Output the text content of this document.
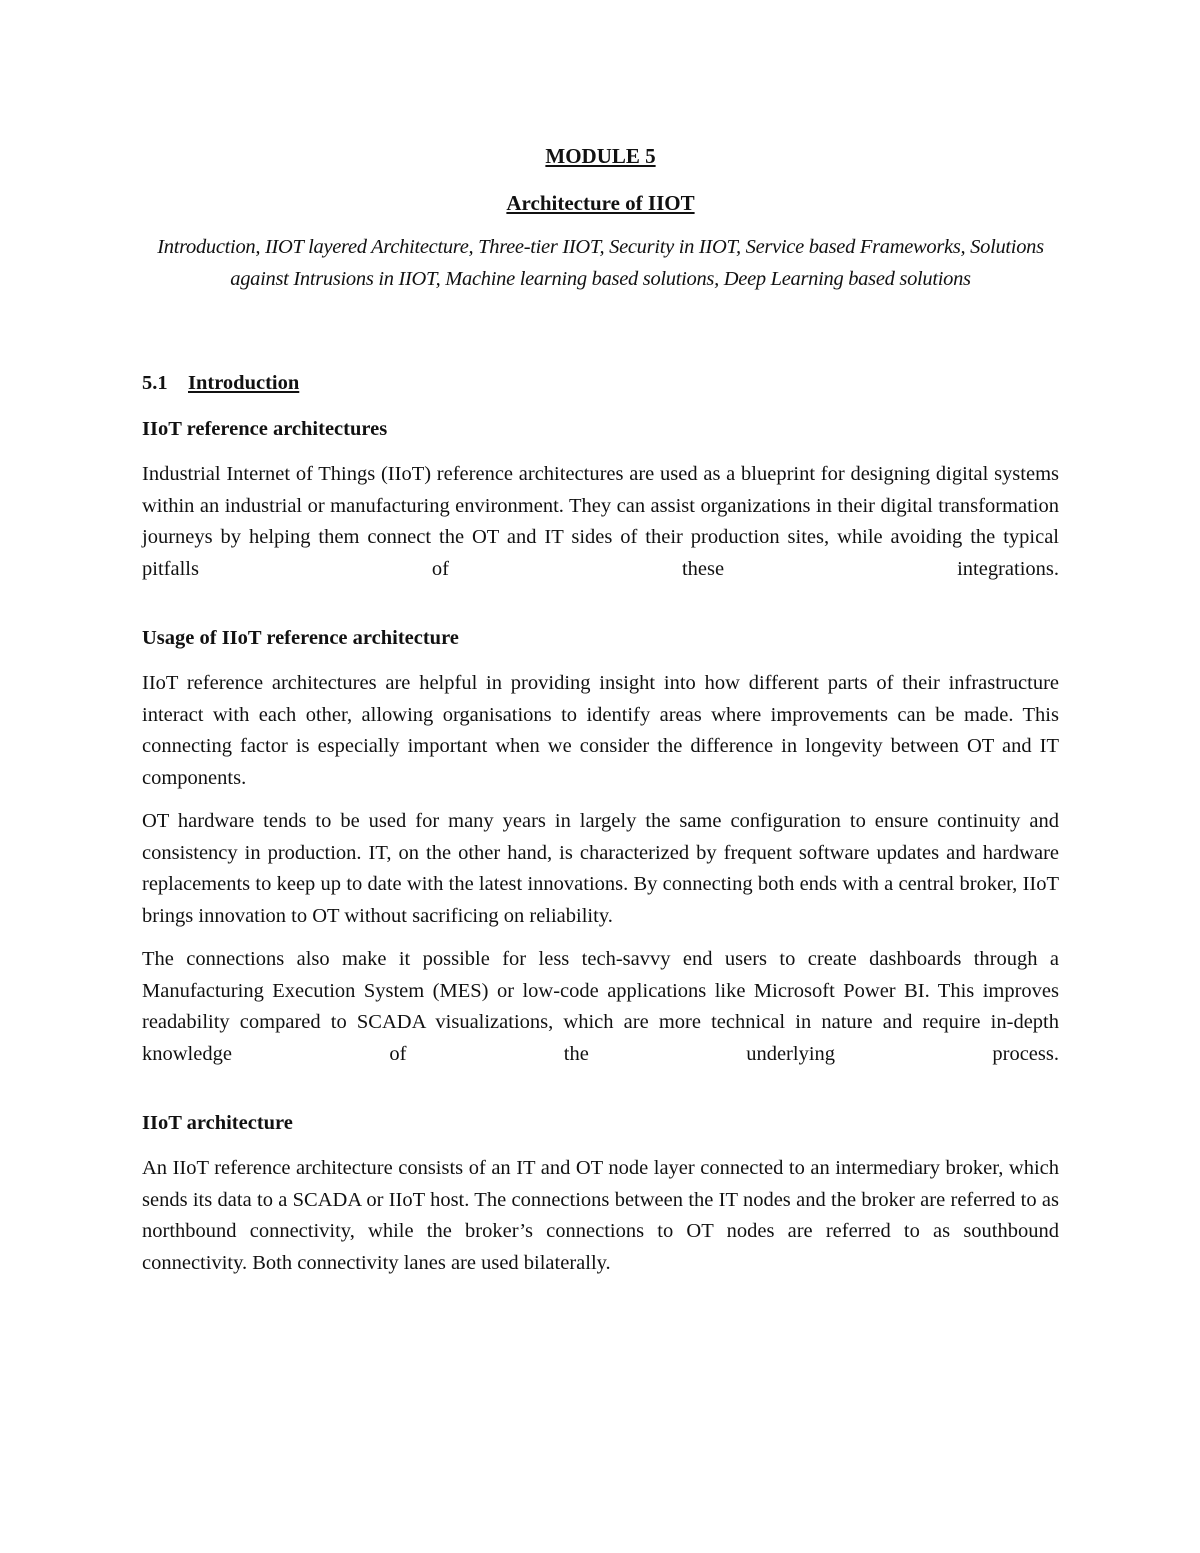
MODULE 5
Architecture of IIOT
Introduction, IIOT layered Architecture, Three-tier IIOT, Security in IIOT, Service based Frameworks, Solutions against Intrusions in IIOT, Machine learning based solutions, Deep Learning based solutions
5.1 Introduction
IIoT reference architectures

Industrial Internet of Things (IIoT) reference architectures are used as a blueprint for designing digital systems within an industrial or manufacturing environment. They can assist organizations in their digital transformation journeys by helping them connect the OT and IT sides of their production sites, while avoiding the typical pitfalls of these integrations.

Usage of IIoT reference architecture

IIoT reference architectures are helpful in providing insight into how different parts of their infrastructure interact with each other, allowing organisations to identify areas where improvements can be made. This connecting factor is especially important when we consider the difference in longevity between OT and IT components.

OT hardware tends to be used for many years in largely the same configuration to ensure continuity and consistency in production. IT, on the other hand, is characterized by frequent software updates and hardware replacements to keep up to date with the latest innovations. By connecting both ends with a central broker, IIoT brings innovation to OT without sacrificing on reliability.

The connections also make it possible for less tech-savvy end users to create dashboards through a Manufacturing Execution System (MES) or low-code applications like Microsoft Power BI. This improves readability compared to SCADA visualizations, which are more technical in nature and require in-depth knowledge of the underlying process.

IIoT architecture

An IIoT reference architecture consists of an IT and OT node layer connected to an intermediary broker, which sends its data to a SCADA or IIoT host. The connections between the IT nodes and the broker are referred to as northbound connectivity, while the broker’s connections to OT nodes are referred to as southbound connectivity. Both connectivity lanes are used bilaterally.
